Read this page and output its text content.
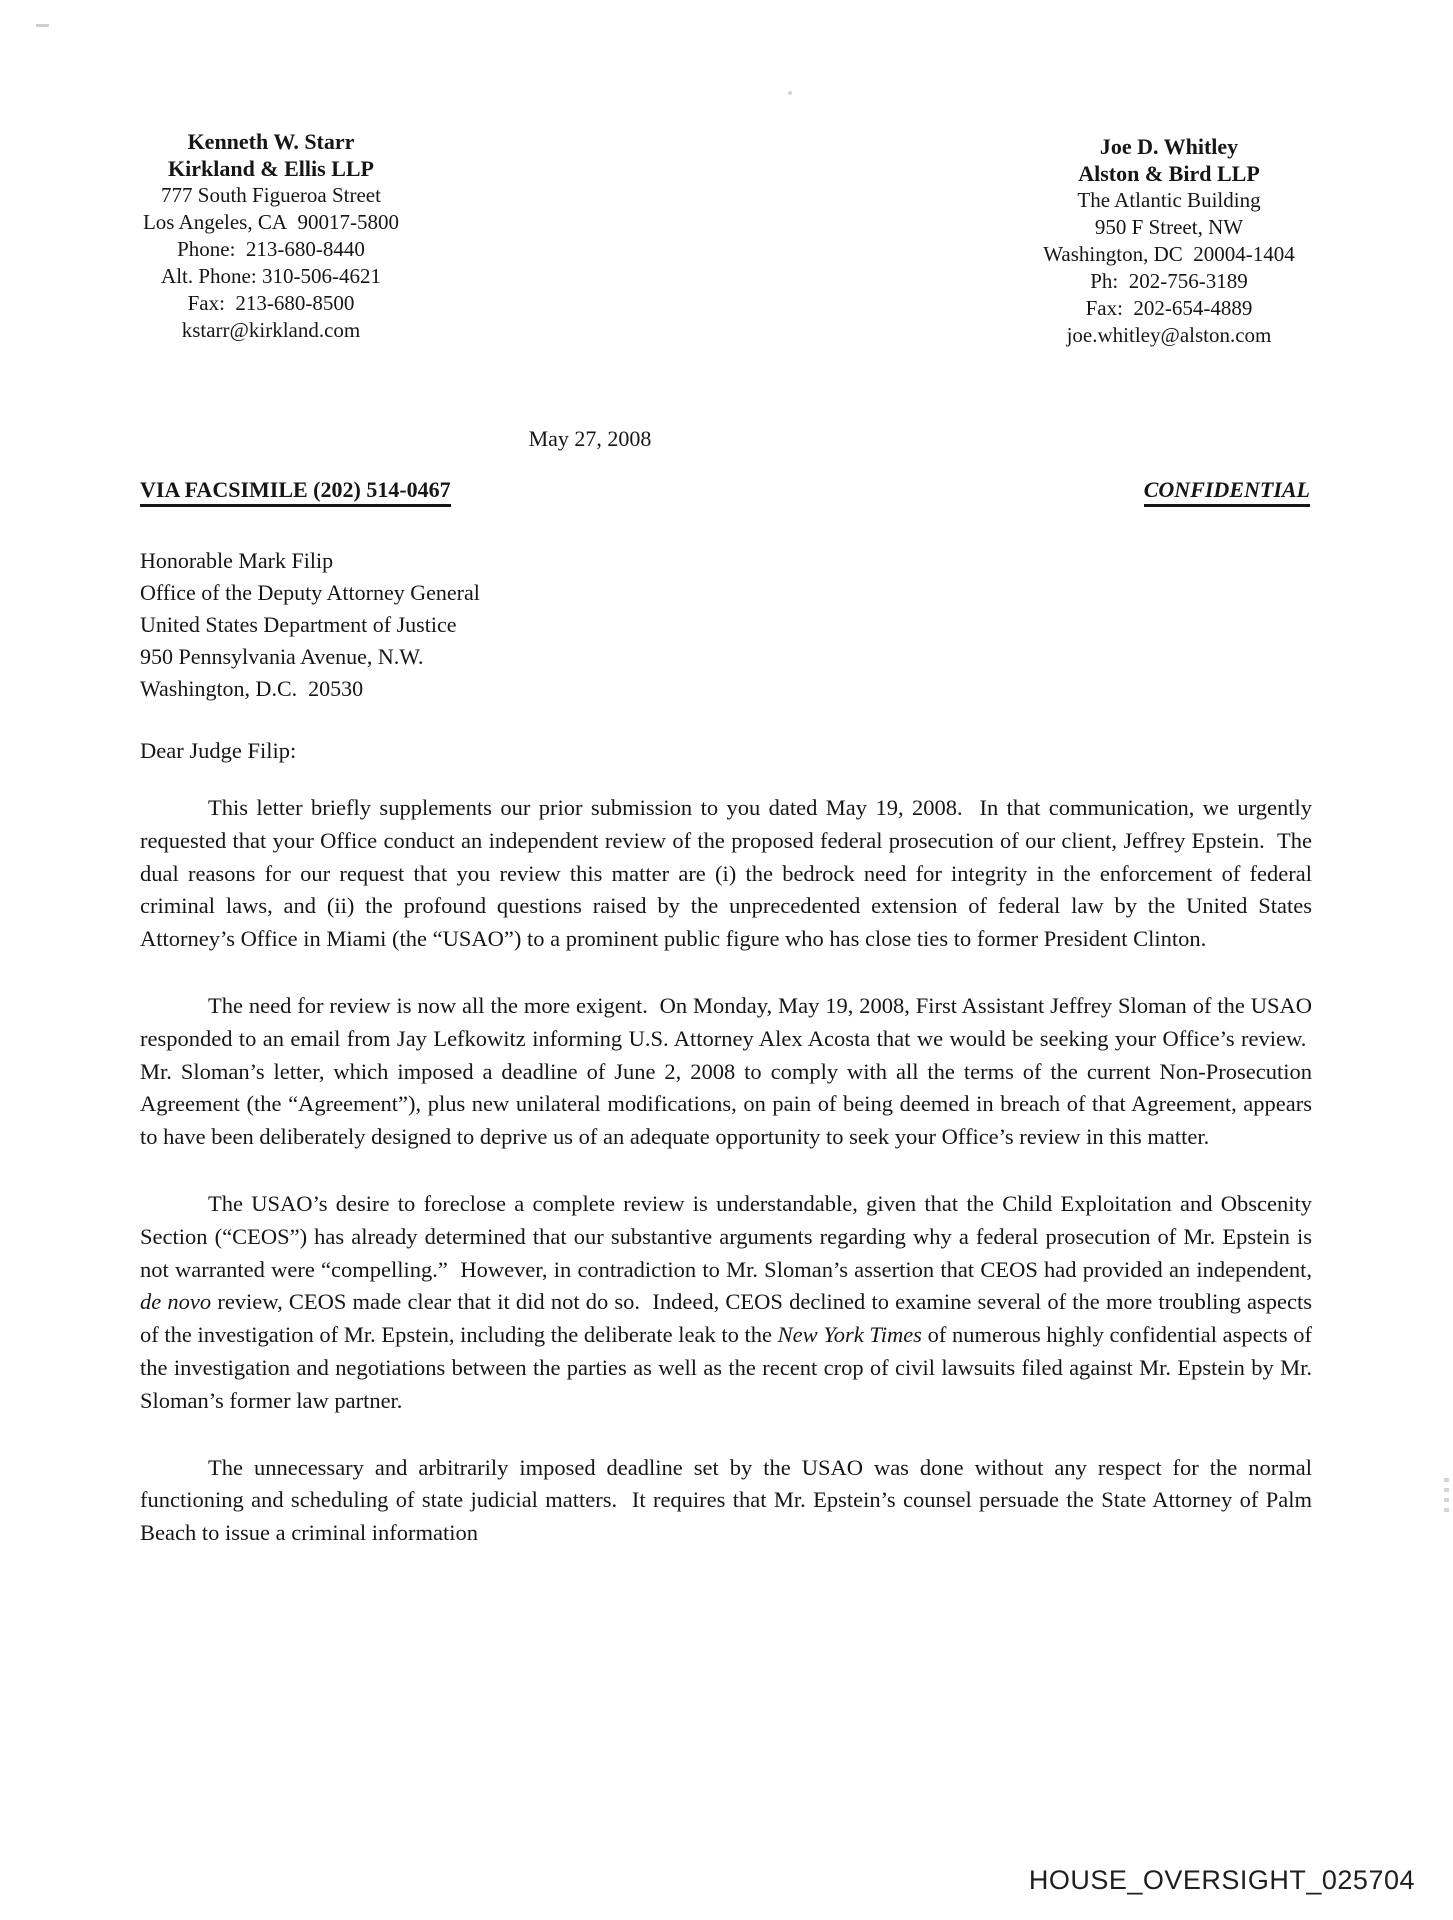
Kenneth W. Starr
Kirkland & Ellis LLP
777 South Figueroa Street
Los Angeles, CA  90017-5800
Phone:  213-680-8440
Alt. Phone: 310-506-4621
Fax:  213-680-8500
kstarr@kirkland.com
Joe D. Whitley
Alston & Bird LLP
The Atlantic Building
950 F Street, NW
Washington, DC  20004-1404
Ph:  202-756-3189
Fax:  202-654-4889
joe.whitley@alston.com
May 27, 2008
VIA FACSIMILE (202) 514-0467	CONFIDENTIAL
Honorable Mark Filip
Office of the Deputy Attorney General
United States Department of Justice
950 Pennsylvania Avenue, N.W.
Washington, D.C.  20530
Dear Judge Filip:

This letter briefly supplements our prior submission to you dated May 19, 2008.  In that communication, we urgently requested that your Office conduct an independent review of the proposed federal prosecution of our client, Jeffrey Epstein.  The dual reasons for our request that you review this matter are (i) the bedrock need for integrity in the enforcement of federal criminal laws, and (ii) the profound questions raised by the unprecedented extension of federal law by the United States Attorney’s Office in Miami (the “USAO”) to a prominent public figure who has close ties to former President Clinton.

The need for review is now all the more exigent.  On Monday, May 19, 2008, First Assistant Jeffrey Sloman of the USAO responded to an email from Jay Lefkowitz informing U.S. Attorney Alex Acosta that we would be seeking your Office’s review.  Mr. Sloman’s letter, which imposed a deadline of June 2, 2008 to comply with all the terms of the current Non-Prosecution Agreement (the “Agreement”), plus new unilateral modifications, on pain of being deemed in breach of that Agreement, appears to have been deliberately designed to deprive us of an adequate opportunity to seek your Office’s review in this matter.

The USAO’s desire to foreclose a complete review is understandable, given that the Child Exploitation and Obscenity Section (“CEOS”) has already determined that our substantive arguments regarding why a federal prosecution of Mr. Epstein is not warranted were “compelling.”  However, in contradiction to Mr. Sloman’s assertion that CEOS had provided an independent, de novo review, CEOS made clear that it did not do so.  Indeed, CEOS declined to examine several of the more troubling aspects of the investigation of Mr. Epstein, including the deliberate leak to the New York Times of numerous highly confidential aspects of the investigation and negotiations between the parties as well as the recent crop of civil lawsuits filed against Mr. Epstein by Mr. Sloman’s former law partner.

The unnecessary and arbitrarily imposed deadline set by the USAO was done without any respect for the normal functioning and scheduling of state judicial matters.  It requires that Mr. Epstein’s counsel persuade the State Attorney of Palm Beach to issue a criminal information

HOUSE_OVERSIGHT_025704
